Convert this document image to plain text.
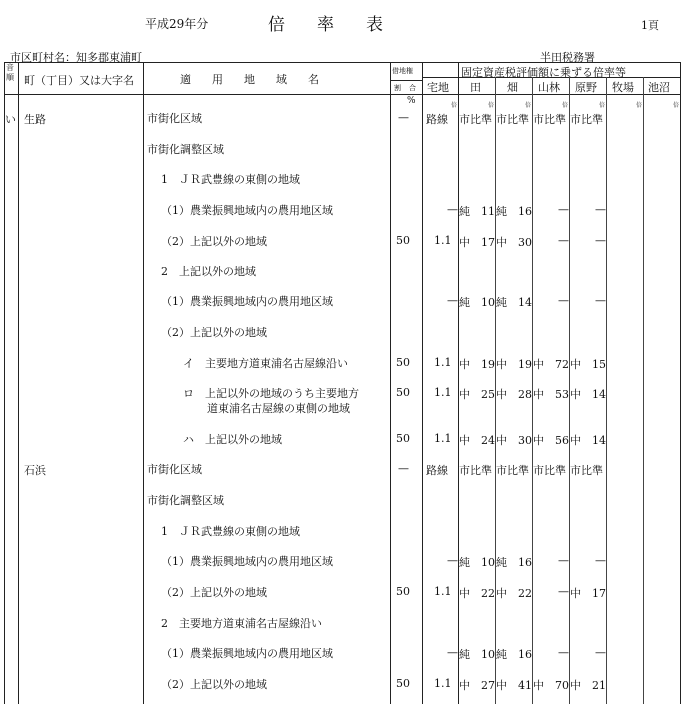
平成29年分	倍率表	1頁
市区町村名：知多郡東浦町	半田税務署
音順 町（丁目）又は大字名	適用地域名
借地権
割合
固定資産税評価額に乗ずる倍率等
宅地 田 畑 山林 原野 牧場 池沼
%	倍	倍	倍	倍	倍	倍	倍
い 生路	市街化区域	— 路線 市比準 市比準 市比準 市比準
市街化調整区域
1　ＪＲ武豊線の東側の地域
（1）農業振興地域内の農用地区域	— 純　11 純　16 — —
（2）上記以外の地域	50 1.1 中　17 中　30 — —
2　上記以外の地域
（1）農業振興地域内の農用地区域	— 純　10 純　14 — —
（2）上記以外の地域
イ　主要地方道東浦名古屋線沿い	50 1.1 中　19 中　19 中　72 中　15
ロ　上記以外の地域のうち主要地方
道東浦名古屋線の東側の地域
50 1.1 中　25 中　28 中　53 中　14
ハ　上記以外の地域	50 1.1 中　24 中　30 中　56 中　14
石浜	市街化区域	— 路線 市比準 市比準 市比準 市比準
市街化調整区域
1　ＪＲ武豊線の東側の地域
（1）農業振興地域内の農用地区域	— 純　10 純　16 — —
（2）上記以外の地域	50 1.1 中　22 中　22 — 中　17
2　主要地方道東浦名古屋線沿い
（1）農業振興地域内の農用地区域	— 純　10 純　16 — —
（2）上記以外の地域	50 1.1 中　27 中　41 中　70 中　21
